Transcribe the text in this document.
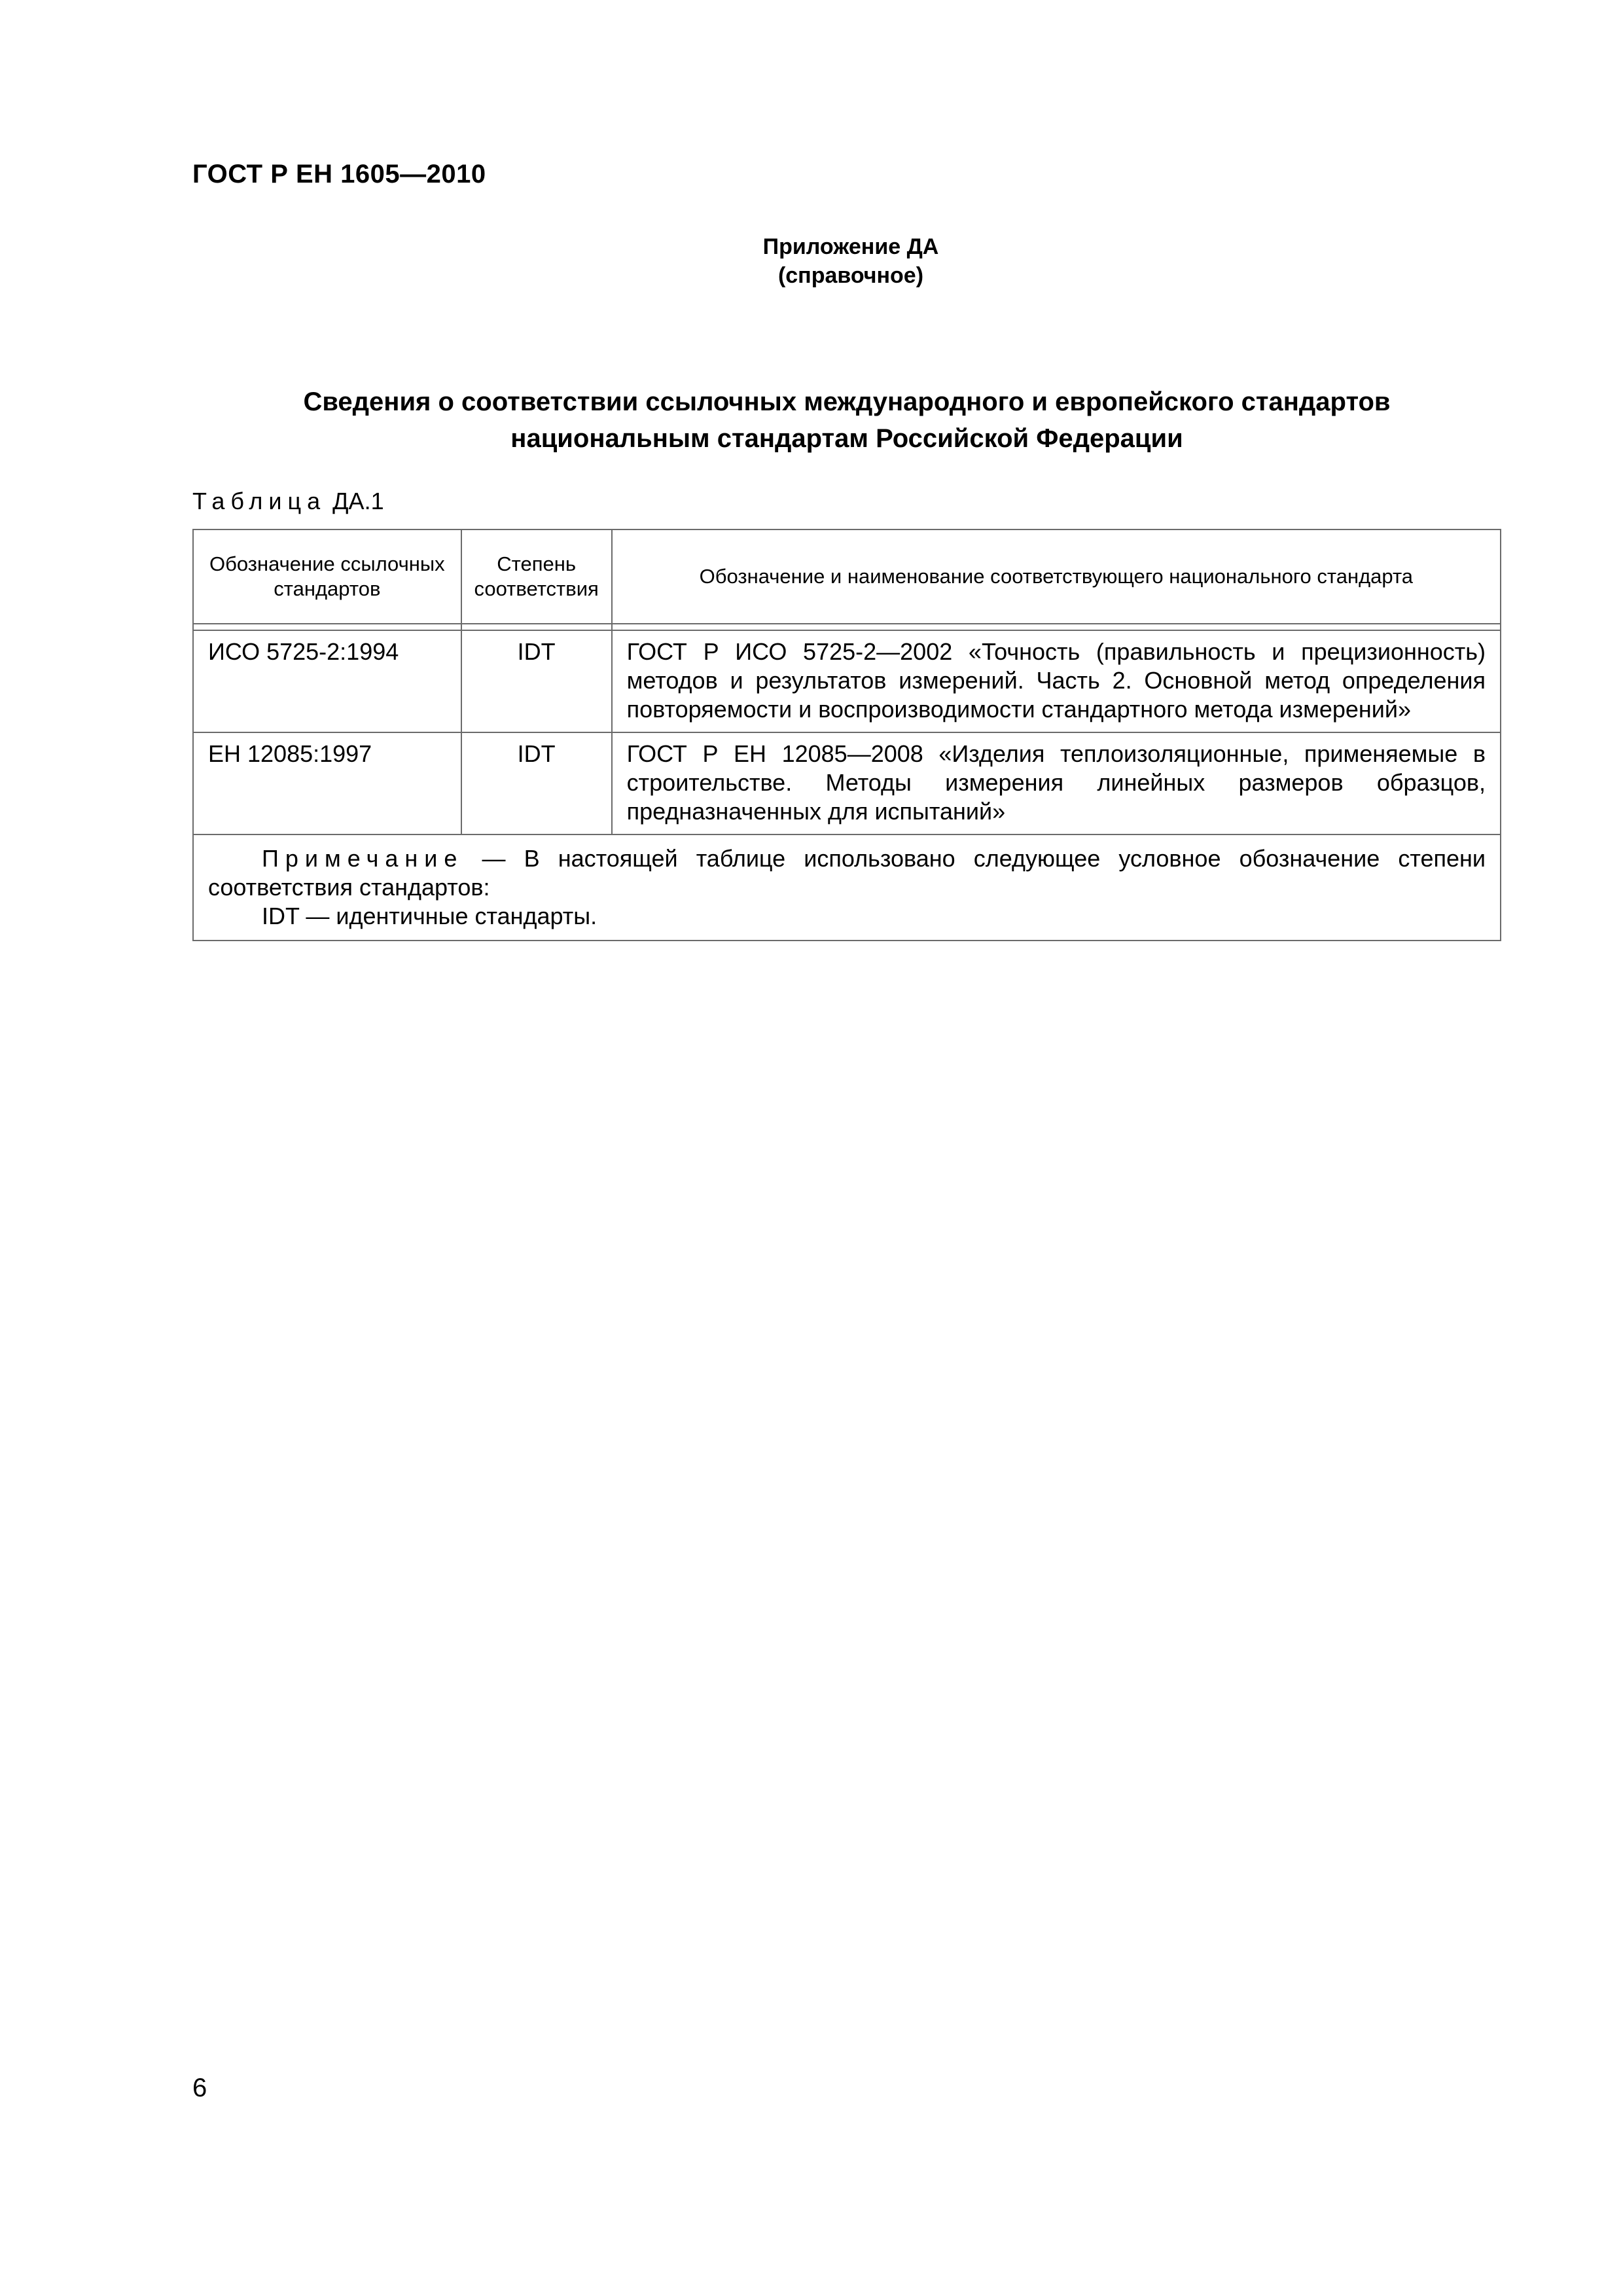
ГОСТ Р ЕН 1605—2010
Приложение ДА
(справочное)
Сведения о соответствии ссылочных международного и европейского стандартов
национальным стандартам Российской Федерации
Таблица ДА.1
Обозначение ссылочных стандартов	Степень соответствия	Обозначение и наименование соответствующего национального стандарта

ИСО 5725-2:1994	IDT	ГОСТ Р ИСО 5725-2—2002 «Точность (правильность и прецизионность) методов и результатов измерений. Часть 2. Основной метод определения повторяемости и воспроизводимости стандартного метода измерений»
ЕН 12085:1997	IDT	ГОСТ Р ЕН 12085—2008 «Изделия теплоизоляционные, применяемые в строительстве. Методы измерения линейных размеров образцов, предназначенных для испытаний»

Примечание — В настоящей таблице использовано следующее условное обозначение степени соответствия стандартов:
IDT — идентичные стандарты.		
6
